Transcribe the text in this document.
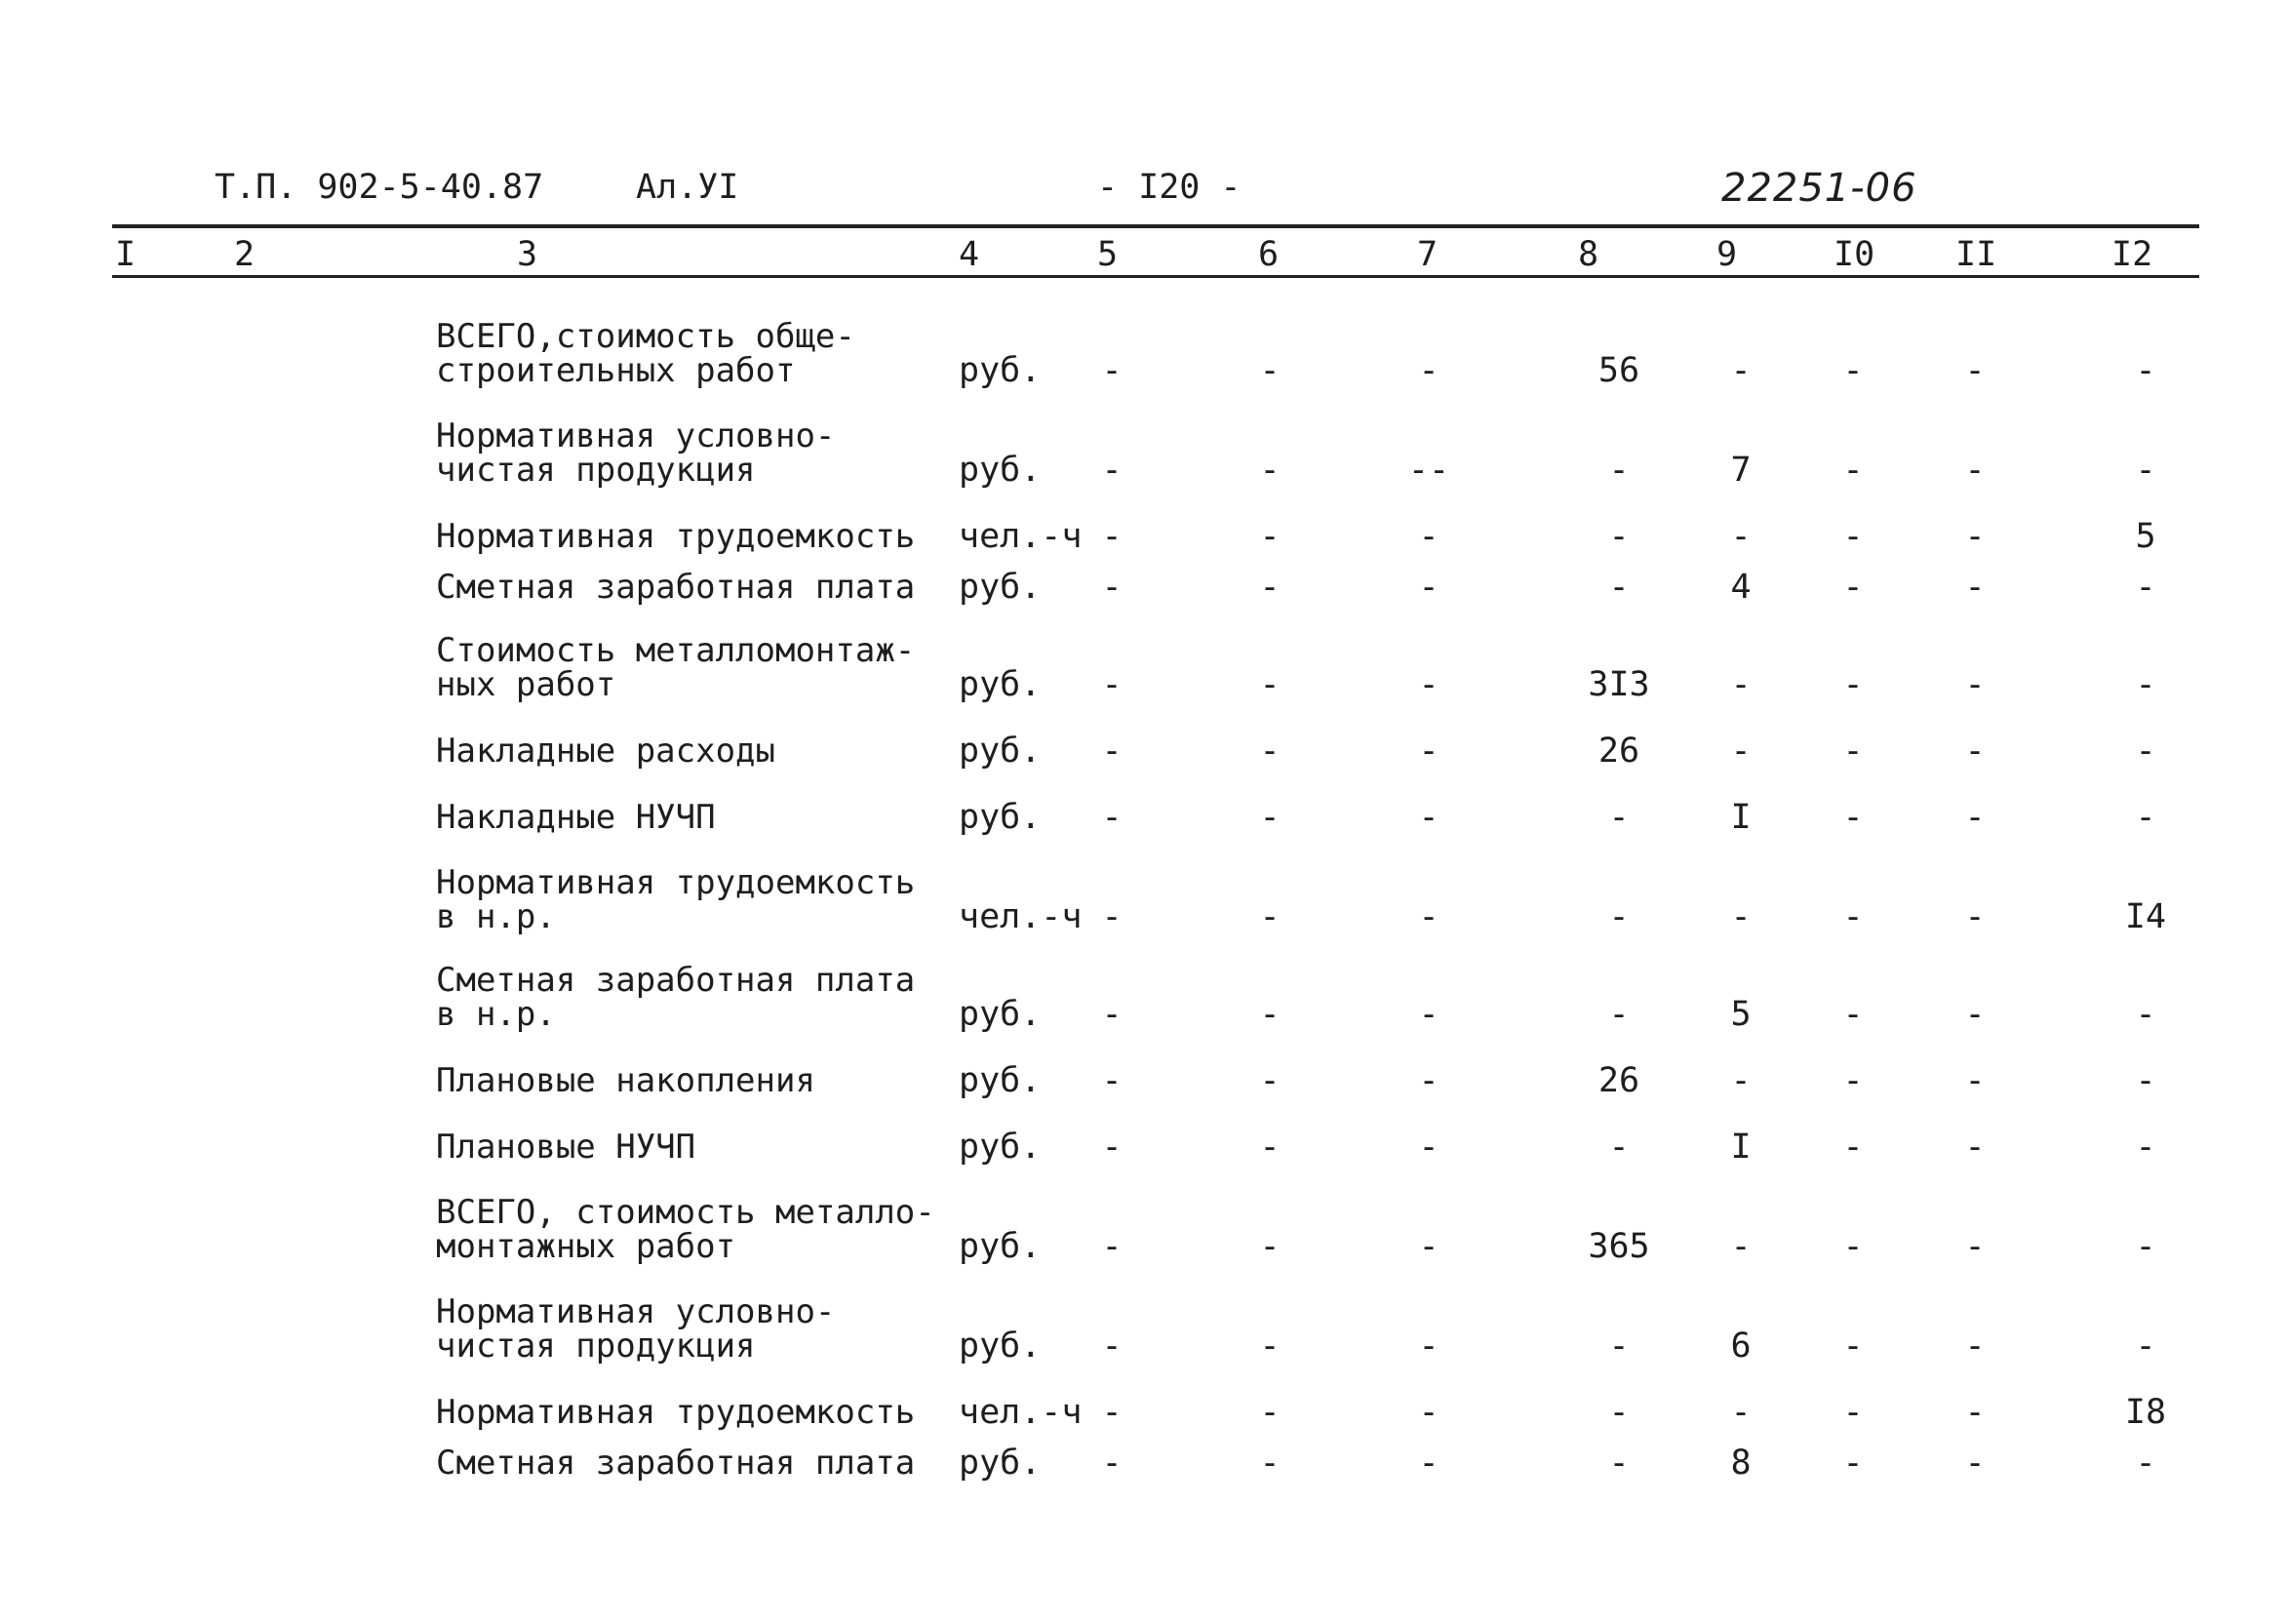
Т.П. 902-5-40.87	Ал.УI	- I20 -	22251-06
I	2	3	4	5	6	7	8	9	I0 II	I2
ВСЕГО,стоимость обще-
строительных работ	руб.	-	-	-	56	-	-	-	-
Нормативная условно-
чистая продукция	руб.	-	-	--	-	7	-	-	-
Нормативная трудоемкость чел.-ч -	-	-	-	-	-	-	5
Сметная заработная плата руб.	-	-	-	-	4	-	-	-
Стоимость металломонтаж-
ных работ	руб.	-	-	-	3I3	-	-	-	-
Накладные расходы	руб.	-	-	-	26	-	-	-	-
Накладные НУЧП	руб.	-	-	-	-	I	-	-	-
Нормативная трудоемкость
в н.р.	чел.-ч -	-	-	-	-	-	-	I4
Сметная заработная плата
в н.р.	руб.	-	-	-	-	5	-	-	-
Плановые накопления	руб.	-	-	-	26	-	-	-	-
Плановые НУЧП	руб.	-	-	-	-	I	-	-	-
ВСЕГО, стоимость металло-
монтажных работ	руб.	-	-	-	365	-	-	-	-
Нормативная условно-
чистая продукция	руб.	-	-	-	-	6	-	-	-
Нормативная трудоемкость чел.-ч -	-	-	-	-	-	-	I8
Сметная заработная плата руб.	-	-	-	-	8	-	-	-
